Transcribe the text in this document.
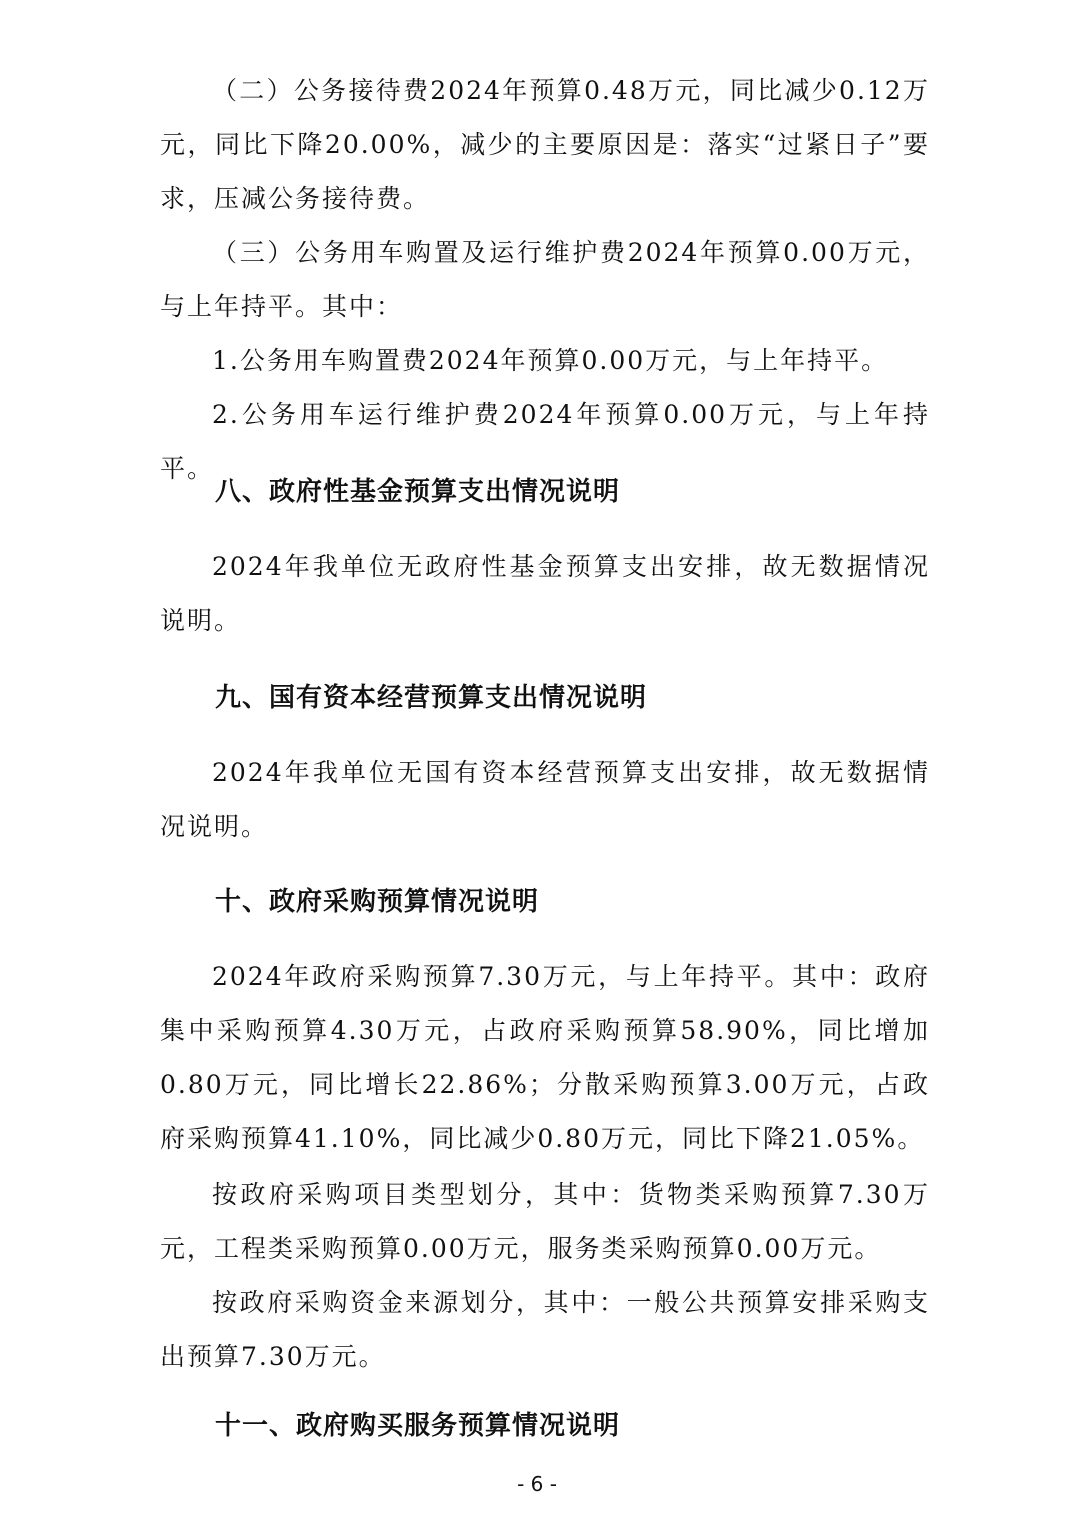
（二）公务接待费2024年预算0.48万元，同比减少0.12万元，同比下降20.00%，减少的主要原因是：落实“过紧日子”要求，压减公务接待费。

（三）公务用车购置及运行维护费2024年预算0.00万元，与上年持平。其中：

1.公务用车购置费2024年预算0.00万元，与上年持平。

2.公务用车运行维护费2024年预算0.00万元，与上年持平。

八、政府性基金预算支出情况说明

2024年我单位无政府性基金预算支出安排，故无数据情况说明。

九、国有资本经营预算支出情况说明

2024年我单位无国有资本经营预算支出安排，故无数据情况说明。

十、政府采购预算情况说明

2024年政府采购预算7.30万元，与上年持平。其中：政府集中采购预算4.30万元，占政府采购预算58.90%，同比增加0.80万元，同比增长22.86%；分散采购预算3.00万元，占政府采购预算41.10%，同比减少0.80万元，同比下降21.05%。

按政府采购项目类型划分，其中：货物类采购预算7.30万元，工程类采购预算0.00万元，服务类采购预算0.00万元。

按政府采购资金来源划分，其中：一般公共预算安排采购支出预算7.30万元。

十一、政府购买服务预算情况说明
- 6 -
